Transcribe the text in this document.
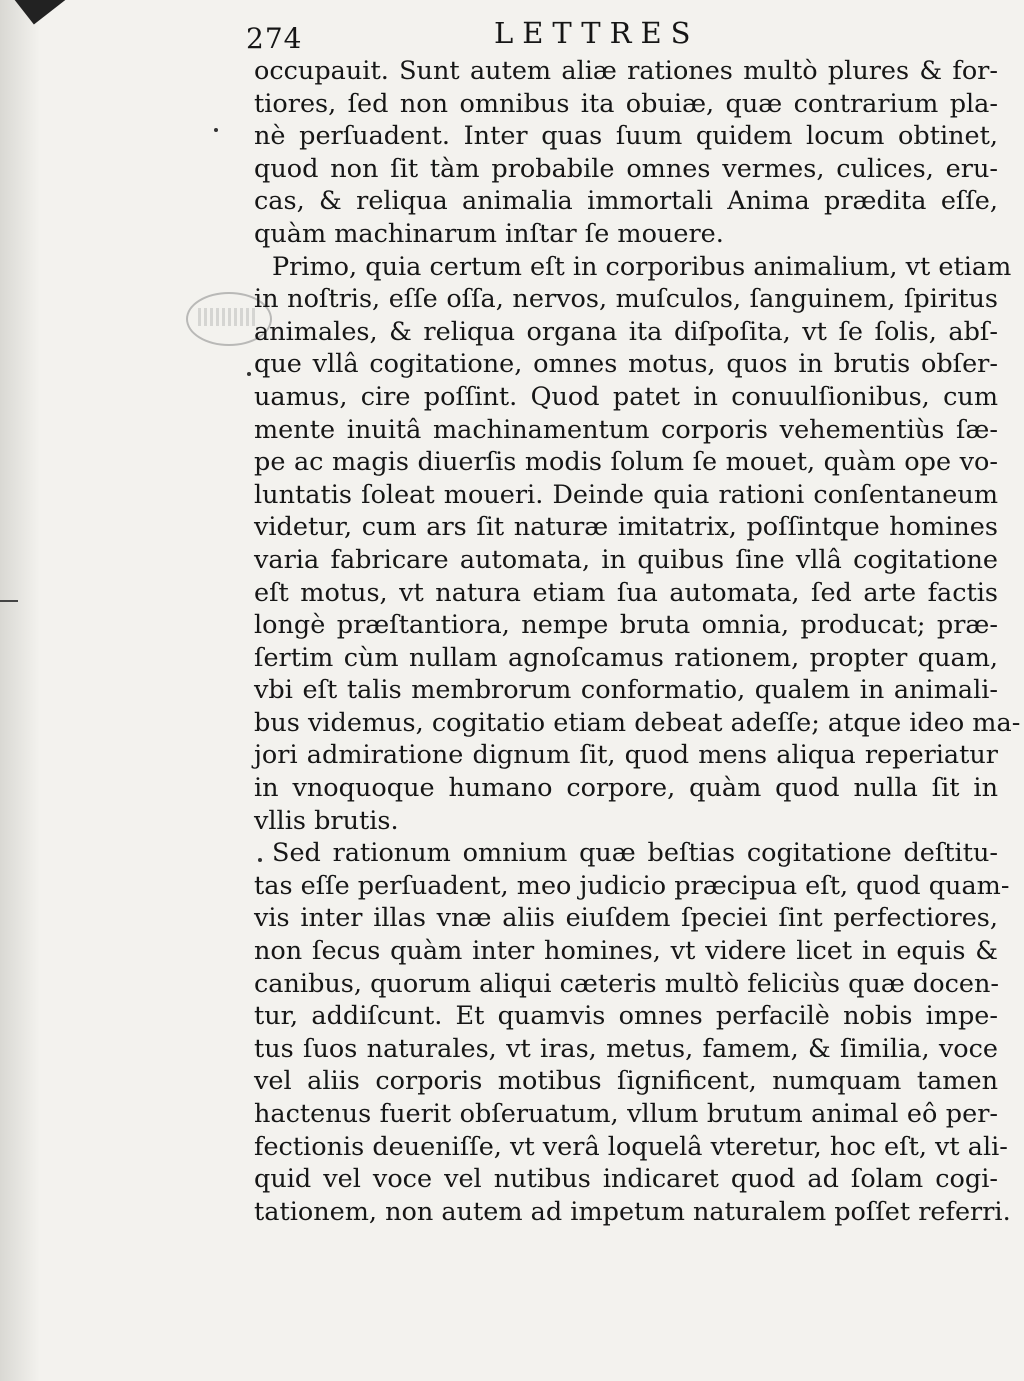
274	LETTRES
occupauit. Sunt autem aliæ rationes multò plures & for-
tiores, ſed non omnibus ita obuiæ, quæ contrarium pla-
nè perſuadent. Inter quas ſuum quidem locum obtinet,
quod non ſit tàm probabile omnes vermes, culices, eru-
cas, & reliqua animalia immortali Anima prædita eſſe,
quàm machinarum inſtar ſe mouere.
Primo, quia certum eſt in corporibus animalium, vt etiam
in noſtris, eſſe oſſa, nervos, muſculos, ſanguinem, ſpiritus
animales, & reliqua organa ita diſpoſita, vt ſe ſolis, abſ-
que vllâ cogitatione, omnes motus, quos in brutis obſer-
uamus, cire poſſint. Quod patet in conuulſionibus, cum
mente inuitâ machinamentum corporis vehementiùs ſæ-
pe ac magis diuerſis modis ſolum ſe mouet, quàm ope vo-
luntatis ſoleat moueri. Deinde quia rationi conſentaneum
videtur, cum ars ſit naturæ imitatrix, poſſintque homines
varia fabricare automata, in quibus ſine vllâ cogitatione
eſt motus, vt natura etiam ſua automata, ſed arte factis
longè præſtantiora, nempe bruta omnia, producat; præ-
ſertim cùm nullam agnoſcamus rationem, propter quam,
vbi eſt talis membrorum conformatio, qualem in animali-
bus videmus, cogitatio etiam debeat adeſſe; atque ideo ma-
jori admiratione dignum ſit, quod mens aliqua reperiatur
in vnoquoque humano corpore, quàm quod nulla ſit in
vllis brutis.
Sed rationum omnium quæ beſtias cogitatione deſtitu-
tas eſſe perſuadent, meo judicio præcipua eſt, quod quam-
vis inter illas vnæ aliis eiuſdem ſpeciei ſint perfectiores,
non ſecus quàm inter homines, vt videre licet in equis &
canibus, quorum aliqui cæteris multò feliciùs quæ docen-
tur, addiſcunt. Et quamvis omnes perfacilè nobis impe-
tus ſuos naturales, vt iras, metus, famem, & ſimilia, voce
vel aliis corporis motibus ſignificent, numquam tamen
hactenus fuerit obſeruatum, vllum brutum animal eô per-
fectionis deueniſſe, vt verâ loquelâ vteretur, hoc eſt, vt ali-
quid vel voce vel nutibus indicaret quod ad ſolam cogi-
tationem, non autem ad impetum naturalem poſſet referri.
